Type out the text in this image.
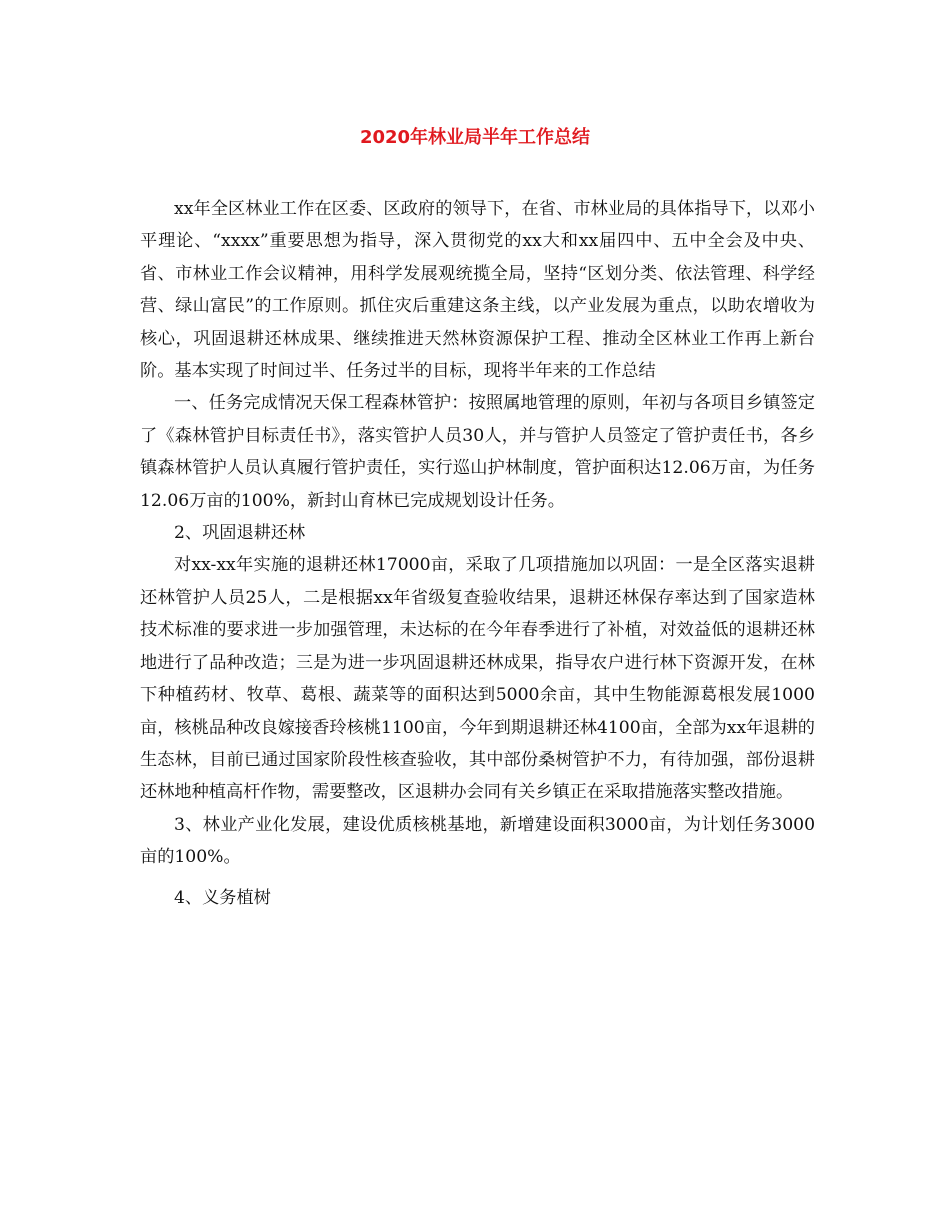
2020年林业局半年工作总结

xx年全区林业工作在区委、区政府的领导下，在省、市林业局的具体指导下，以邓小平理论、“xxxx”重要思想为指导，深入贯彻党的xx大和xx届四中、五中全会及中央、省、市林业工作会议精神，用科学发展观统揽全局，坚持“区划分类、依法管理、科学经营、绿山富民”的工作原则。抓住灾后重建这条主线，以产业发展为重点，以助农增收为核心，巩固退耕还林成果、继续推进天然林资源保护工程、推动全区林业工作再上新台阶。基本实现了时间过半、任务过半的目标，现将半年来的工作总结

一、任务完成情况天保工程森林管护：按照属地管理的原则，年初与各项目乡镇签定了《森林管护目标责任书》，落实管护人员30人，并与管护人员签定了管护责任书，各乡镇森林管护人员认真履行管护责任，实行巡山护林制度，管护面积达12.06万亩，为任务12.06万亩的100%，新封山育林已完成规划设计任务。

2、巩固退耕还林

对xx-xx年实施的退耕还林17000亩，采取了几项措施加以巩固：一是全区落实退耕还林管护人员25人，二是根据xx年省级复查验收结果，退耕还林保存率达到了国家造林技术标准的要求进一步加强管理，未达标的在今年春季进行了补植，对效益低的退耕还林地进行了品种改造；三是为进一步巩固退耕还林成果，指导农户进行林下资源开发，在林下种植药材、牧草、葛根、蔬菜等的面积达到5000余亩，其中生物能源葛根发展1000亩，核桃品种改良嫁接香玲核桃1100亩，今年到期退耕还林4100亩，全部为xx年退耕的生态林，目前已通过国家阶段性核查验收，其中部份桑树管护不力，有待加强，部份退耕还林地种植高杆作物，需要整改，区退耕办会同有关乡镇正在采取措施落实整改措施。

3、林业产业化发展，建设优质核桃基地，新增建设面积3000亩，为计划任务3000亩的100%。

4、义务植树
